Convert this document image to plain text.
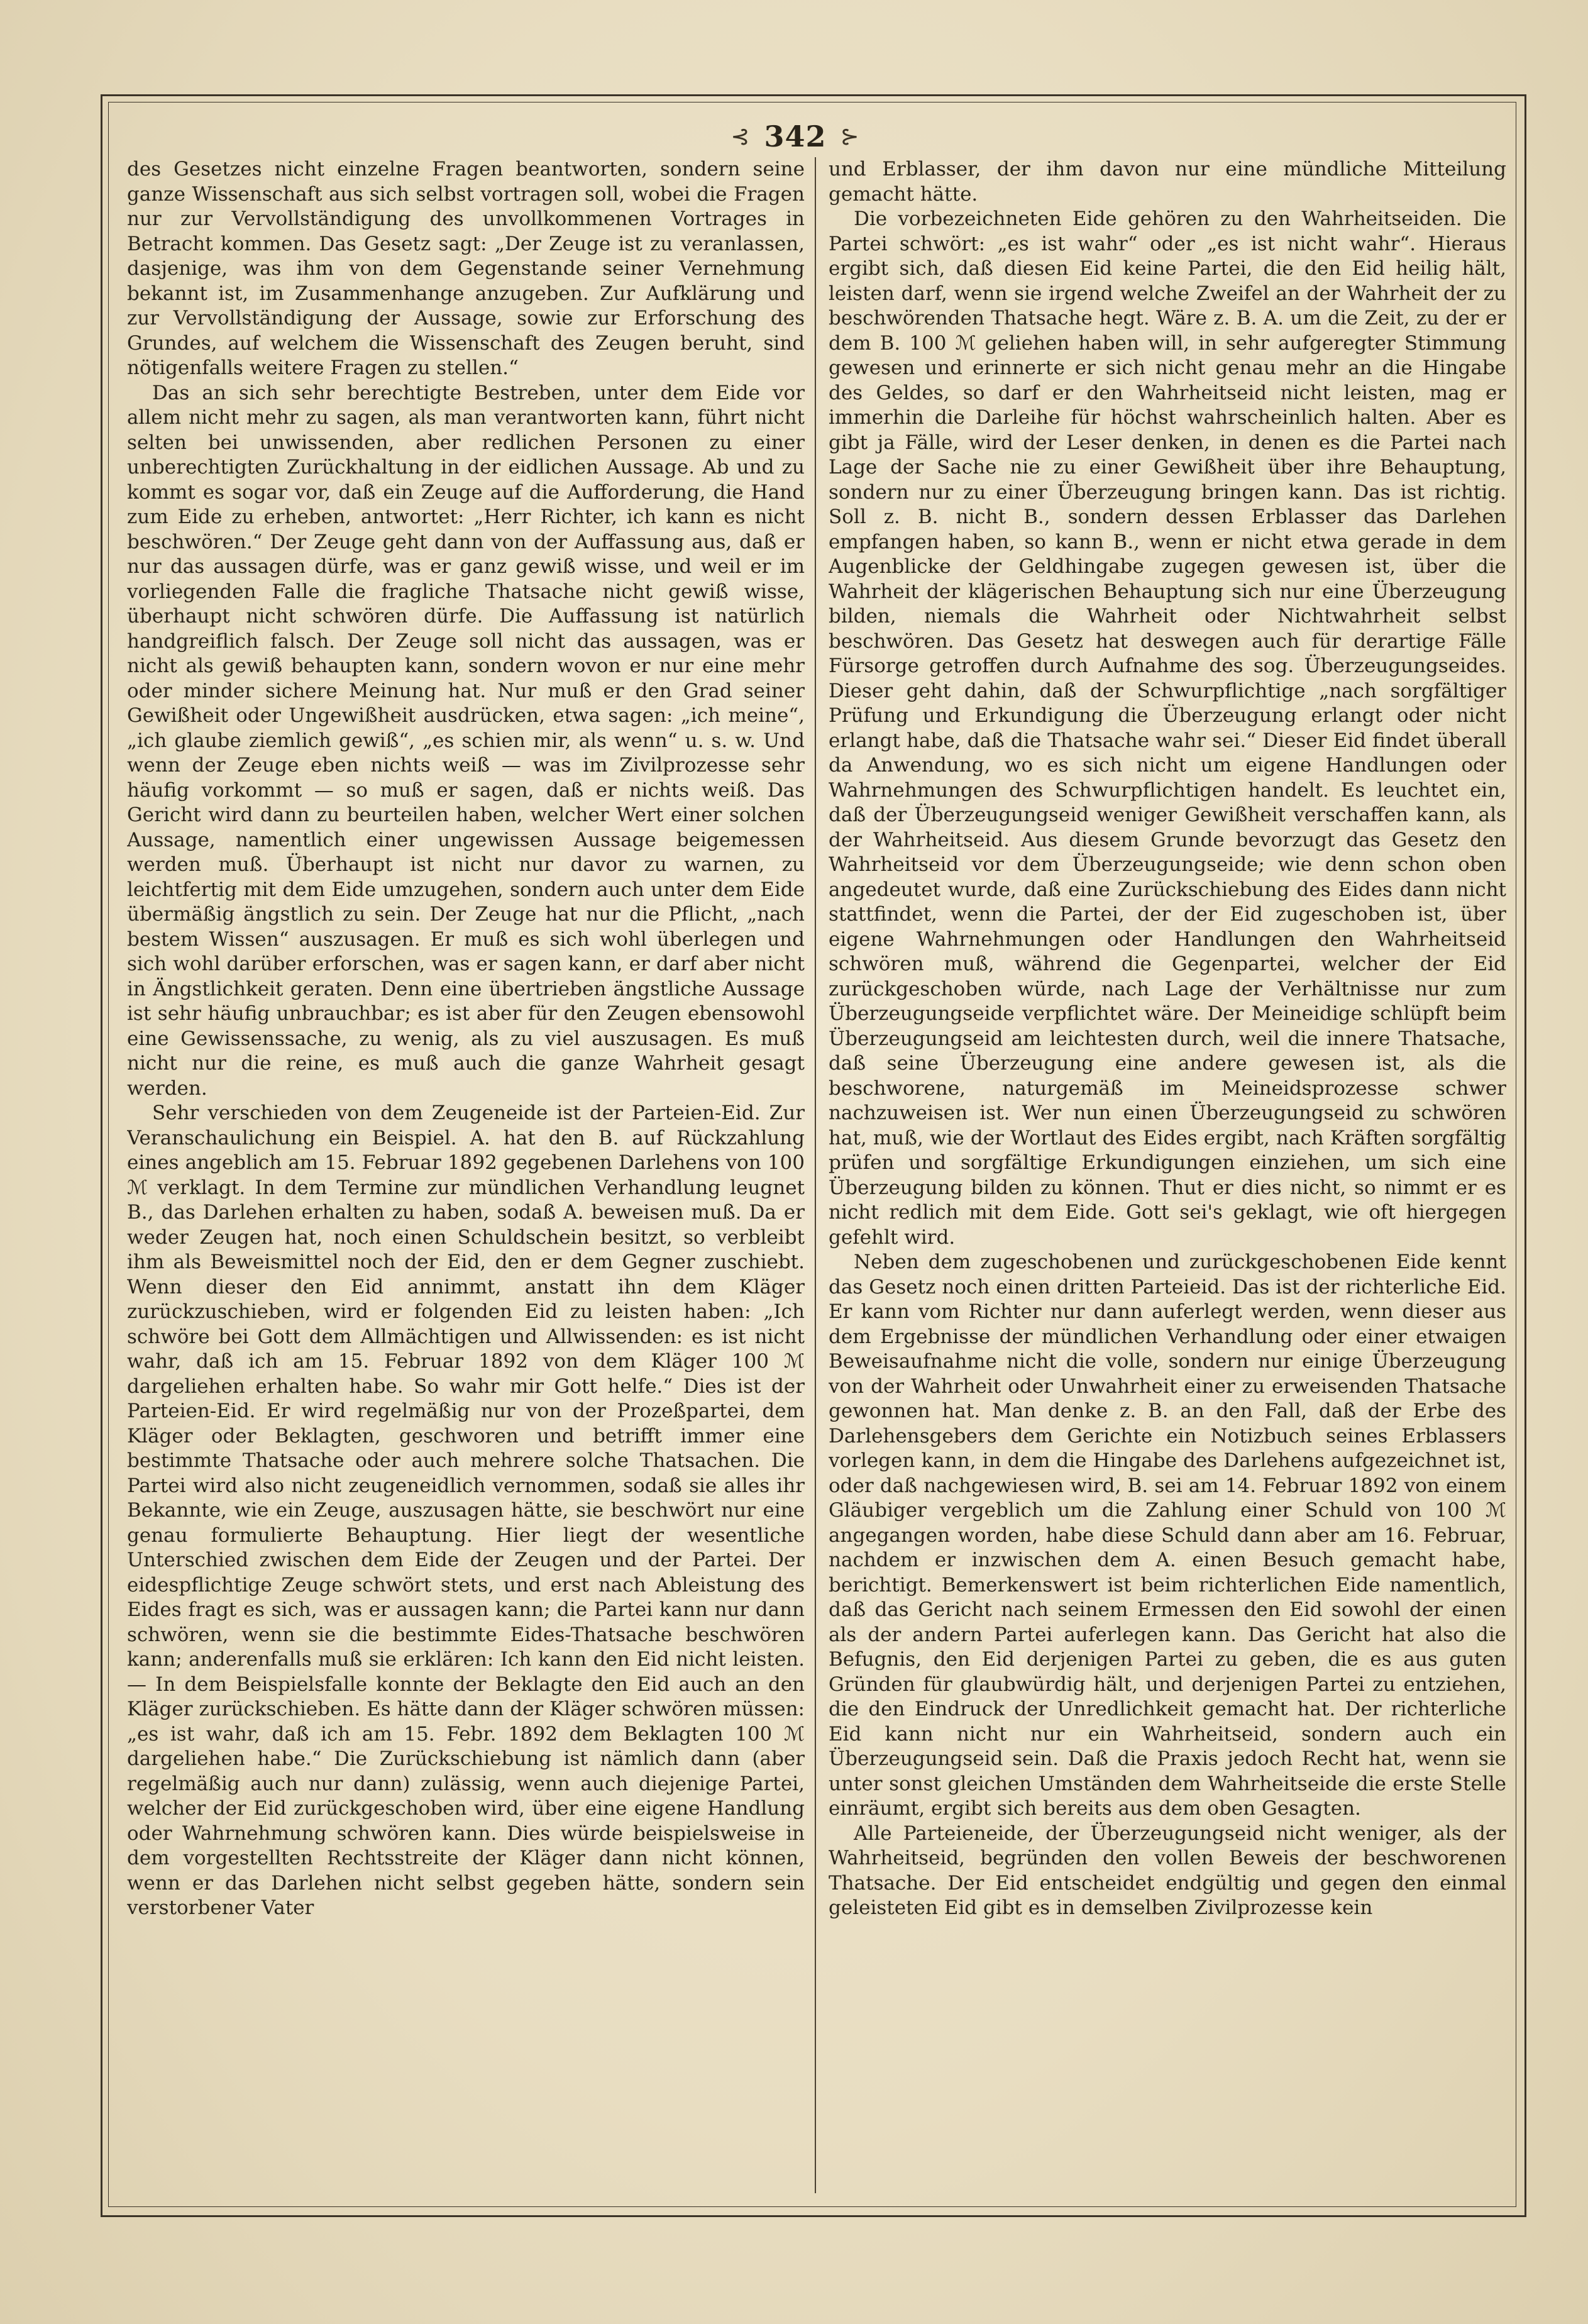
⊰ 342 ⊱

des Gesetzes nicht einzelne Fragen beantworten, sondern seine ganze Wissenschaft aus sich selbst vortragen soll, wobei die Fragen nur zur Vervollständigung des unvollkommenen Vortrages in Betracht kommen. Das Gesetz sagt: „Der Zeuge ist zu veranlassen, dasjenige, was ihm von dem Gegenstande seiner Vernehmung bekannt ist, im Zusammenhange anzugeben. Zur Aufklärung und zur Vervollständigung der Aussage, sowie zur Erforschung des Grundes, auf welchem die Wissenschaft des Zeugen beruht, sind nötigenfalls weitere Fragen zu stellen.“

Das an sich sehr berechtigte Bestreben, unter dem Eide vor allem nicht mehr zu sagen, als man verantworten kann, führt nicht selten bei unwissenden, aber redlichen Personen zu einer unberechtigten Zurückhaltung in der eidlichen Aussage. Ab und zu kommt es sogar vor, daß ein Zeuge auf die Aufforderung, die Hand zum Eide zu erheben, antwortet: „Herr Richter, ich kann es nicht beschwören.“ Der Zeuge geht dann von der Auffassung aus, daß er nur das aussagen dürfe, was er ganz gewiß wisse, und weil er im vorliegenden Falle die fragliche Thatsache nicht gewiß wisse, überhaupt nicht schwören dürfe. Die Auffassung ist natürlich handgreiflich falsch. Der Zeuge soll nicht das aussagen, was er nicht als gewiß behaupten kann, sondern wovon er nur eine mehr oder minder sichere Meinung hat. Nur muß er den Grad seiner Gewißheit oder Ungewißheit ausdrücken, etwa sagen: „ich meine“, „ich glaube ziemlich gewiß“, „es schien mir, als wenn“ u. s. w. Und wenn der Zeuge eben nichts weiß — was im Zivilprozesse sehr häufig vorkommt — so muß er sagen, daß er nichts weiß. Das Gericht wird dann zu beurteilen haben, welcher Wert einer solchen Aussage, namentlich einer ungewissen Aussage beigemessen werden muß. Überhaupt ist nicht nur davor zu warnen, zu leichtfertig mit dem Eide umzugehen, sondern auch unter dem Eide übermäßig ängstlich zu sein. Der Zeuge hat nur die Pflicht, „nach bestem Wissen“ auszusagen. Er muß es sich wohl überlegen und sich wohl darüber erforschen, was er sagen kann, er darf aber nicht in Ängstlichkeit geraten. Denn eine übertrieben ängstliche Aussage ist sehr häufig unbrauchbar; es ist aber für den Zeugen ebensowohl eine Gewissenssache, zu wenig, als zu viel auszusagen. Es muß nicht nur die reine, es muß auch die ganze Wahrheit gesagt werden.

Sehr verschieden von dem Zeugeneide ist der Parteien-Eid. Zur Veranschaulichung ein Beispiel. A. hat den B. auf Rückzahlung eines angeblich am 15. Februar 1892 gegebenen Darlehens von 100 ℳ verklagt. In dem Termine zur mündlichen Verhandlung leugnet B., das Darlehen erhalten zu haben, sodaß A. beweisen muß. Da er weder Zeugen hat, noch einen Schuldschein besitzt, so verbleibt ihm als Beweismittel noch der Eid, den er dem Gegner zuschiebt. Wenn dieser den Eid annimmt, anstatt ihn dem Kläger zurückzuschieben, wird er folgenden Eid zu leisten haben: „Ich schwöre bei Gott dem Allmächtigen und Allwissenden: es ist nicht wahr, daß ich am 15. Februar 1892 von dem Kläger 100 ℳ dargeliehen erhalten habe. So wahr mir Gott helfe.“ Dies ist der Parteien-Eid. Er wird regelmäßig nur von der Prozeßpartei, dem Kläger oder Beklagten, geschworen und betrifft immer eine bestimmte Thatsache oder auch mehrere solche Thatsachen. Die Partei wird also nicht zeugeneidlich vernommen, sodaß sie alles ihr Bekannte, wie ein Zeuge, auszusagen hätte, sie beschwört nur eine genau formulierte Behauptung. Hier liegt der wesentliche Unterschied zwischen dem Eide der Zeugen und der Partei. Der eidespflichtige Zeuge schwört stets, und erst nach Ableistung des Eides fragt es sich, was er aussagen kann; die Partei kann nur dann schwören, wenn sie die bestimmte Eides-Thatsache beschwören kann; anderenfalls muß sie erklären: Ich kann den Eid nicht leisten. — In dem Beispielsfalle konnte der Beklagte den Eid auch an den Kläger zurückschieben. Es hätte dann der Kläger schwören müssen: „es ist wahr, daß ich am 15. Febr. 1892 dem Beklagten 100 ℳ dargeliehen habe.“ Die Zurückschiebung ist nämlich dann (aber regelmäßig auch nur dann) zulässig, wenn auch diejenige Partei, welcher der Eid zurückgeschoben wird, über eine eigene Handlung oder Wahrnehmung schwören kann. Dies würde beispielsweise in dem vorgestellten Rechtsstreite der Kläger dann nicht können, wenn er das Darlehen nicht selbst gegeben hätte, sondern sein verstorbener Vater

und Erblasser, der ihm davon nur eine mündliche Mitteilung gemacht hätte.

Die vorbezeichneten Eide gehören zu den Wahrheitseiden. Die Partei schwört: „es ist wahr“ oder „es ist nicht wahr“. Hieraus ergibt sich, daß diesen Eid keine Partei, die den Eid heilig hält, leisten darf, wenn sie irgend welche Zweifel an der Wahrheit der zu beschwörenden Thatsache hegt. Wäre z. B. A. um die Zeit, zu der er dem B. 100 ℳ geliehen haben will, in sehr aufgeregter Stimmung gewesen und erinnerte er sich nicht genau mehr an die Hingabe des Geldes, so darf er den Wahrheitseid nicht leisten, mag er immerhin die Darleihe für höchst wahrscheinlich halten. Aber es gibt ja Fälle, wird der Leser denken, in denen es die Partei nach Lage der Sache nie zu einer Gewißheit über ihre Behauptung, sondern nur zu einer Überzeugung bringen kann. Das ist richtig. Soll z. B. nicht B., sondern dessen Erblasser das Darlehen empfangen haben, so kann B., wenn er nicht etwa gerade in dem Augenblicke der Geldhingabe zugegen gewesen ist, über die Wahrheit der klägerischen Behauptung sich nur eine Überzeugung bilden, niemals die Wahrheit oder Nichtwahrheit selbst beschwören. Das Gesetz hat deswegen auch für derartige Fälle Fürsorge getroffen durch Aufnahme des sog. Überzeugungseides. Dieser geht dahin, daß der Schwurpflichtige „nach sorgfältiger Prüfung und Erkundigung die Überzeugung erlangt oder nicht erlangt habe, daß die Thatsache wahr sei.“ Dieser Eid findet überall da Anwendung, wo es sich nicht um eigene Handlungen oder Wahrnehmungen des Schwurpflichtigen handelt. Es leuchtet ein, daß der Überzeugungseid weniger Gewißheit verschaffen kann, als der Wahrheitseid. Aus diesem Grunde bevorzugt das Gesetz den Wahrheitseid vor dem Überzeugungseide; wie denn schon oben angedeutet wurde, daß eine Zurückschiebung des Eides dann nicht stattfindet, wenn die Partei, der der Eid zugeschoben ist, über eigene Wahrnehmungen oder Handlungen den Wahrheitseid schwören muß, während die Gegenpartei, welcher der Eid zurückgeschoben würde, nach Lage der Verhältnisse nur zum Überzeugungseide verpflichtet wäre. Der Meineidige schlüpft beim Überzeugungseid am leichtesten durch, weil die innere Thatsache, daß seine Überzeugung eine andere gewesen ist, als die beschworene, naturgemäß im Meineidsprozesse schwer nachzuweisen ist. Wer nun einen Überzeugungseid zu schwören hat, muß, wie der Wortlaut des Eides ergibt, nach Kräften sorgfältig prüfen und sorgfältige Erkundigungen einziehen, um sich eine Überzeugung bilden zu können. Thut er dies nicht, so nimmt er es nicht redlich mit dem Eide. Gott sei's geklagt, wie oft hiergegen gefehlt wird.

Neben dem zugeschobenen und zurückgeschobenen Eide kennt das Gesetz noch einen dritten Parteieid. Das ist der richterliche Eid. Er kann vom Richter nur dann auferlegt werden, wenn dieser aus dem Ergebnisse der mündlichen Verhandlung oder einer etwaigen Beweisaufnahme nicht die volle, sondern nur einige Überzeugung von der Wahrheit oder Unwahrheit einer zu erweisenden Thatsache gewonnen hat. Man denke z. B. an den Fall, daß der Erbe des Darlehensgebers dem Gerichte ein Notizbuch seines Erblassers vorlegen kann, in dem die Hingabe des Darlehens aufgezeichnet ist, oder daß nachgewiesen wird, B. sei am 14. Februar 1892 von einem Gläubiger vergeblich um die Zahlung einer Schuld von 100 ℳ angegangen worden, habe diese Schuld dann aber am 16. Februar, nachdem er inzwischen dem A. einen Besuch gemacht habe, berichtigt. Bemerkenswert ist beim richterlichen Eide namentlich, daß das Gericht nach seinem Ermessen den Eid sowohl der einen als der andern Partei auferlegen kann. Das Gericht hat also die Befugnis, den Eid derjenigen Partei zu geben, die es aus guten Gründen für glaubwürdig hält, und derjenigen Partei zu entziehen, die den Eindruck der Unredlichkeit gemacht hat. Der richterliche Eid kann nicht nur ein Wahrheitseid, sondern auch ein Überzeugungseid sein. Daß die Praxis jedoch Recht hat, wenn sie unter sonst gleichen Umständen dem Wahrheitseide die erste Stelle einräumt, ergibt sich bereits aus dem oben Gesagten.

Alle Parteieneide, der Überzeugungseid nicht weniger, als der Wahrheitseid, begründen den vollen Beweis der beschworenen Thatsache. Der Eid entscheidet endgültig und gegen den einmal geleisteten Eid gibt es in demselben Zivilprozesse kein
